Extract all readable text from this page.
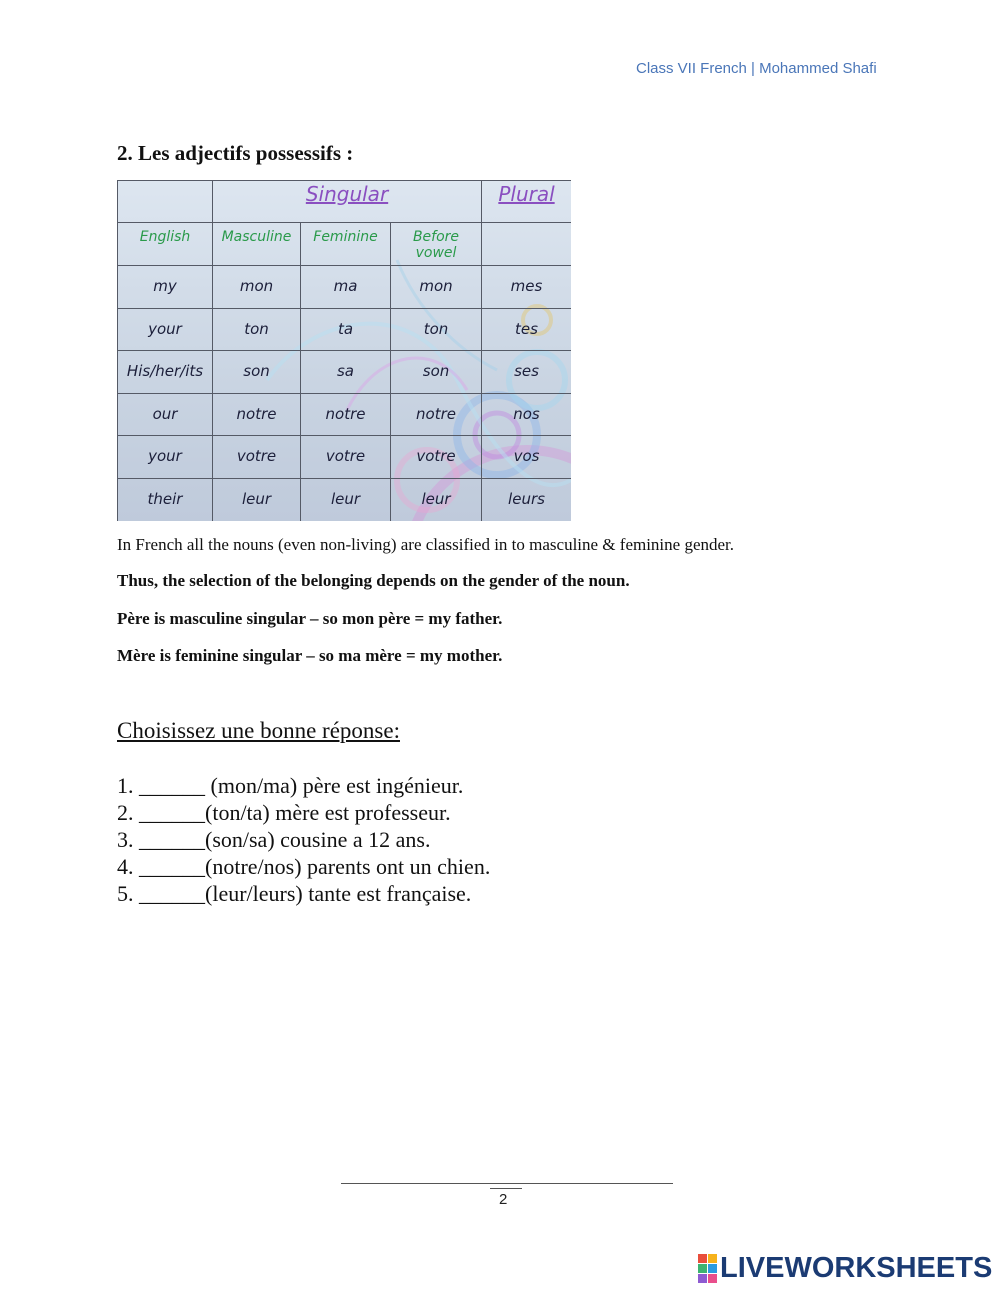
Class VII French | Mohammed Shafi
2. Les adjectifs possessifs :
	Singular			Plural
English	Masculine	Feminine	Before vowel	
my	mon	ma	mon	mes
your	ton	ta	ton	tes
His/her/its	son	sa	son	ses
our	notre	notre	notre	nos
your	votre	votre	votre	vos
their	leur	leur	leur	leurs
In French all the nouns (even non-living) are classified in to masculine & feminine gender.
Thus, the selection of the belonging depends on the gender of the noun.
Père is masculine singular – so mon père = my father.
Mère is feminine singular – so ma mère = my mother.
Choisissez une bonne réponse:
1. ______ (mon/ma) père est ingénieur.
2. ______(ton/ta) mère est professeur.
3. ______(son/sa) cousine a 12 ans.
4. ______(notre/nos) parents ont un chien.
5. ______(leur/leurs) tante est française.
2
LIVEWORKSHEETS
